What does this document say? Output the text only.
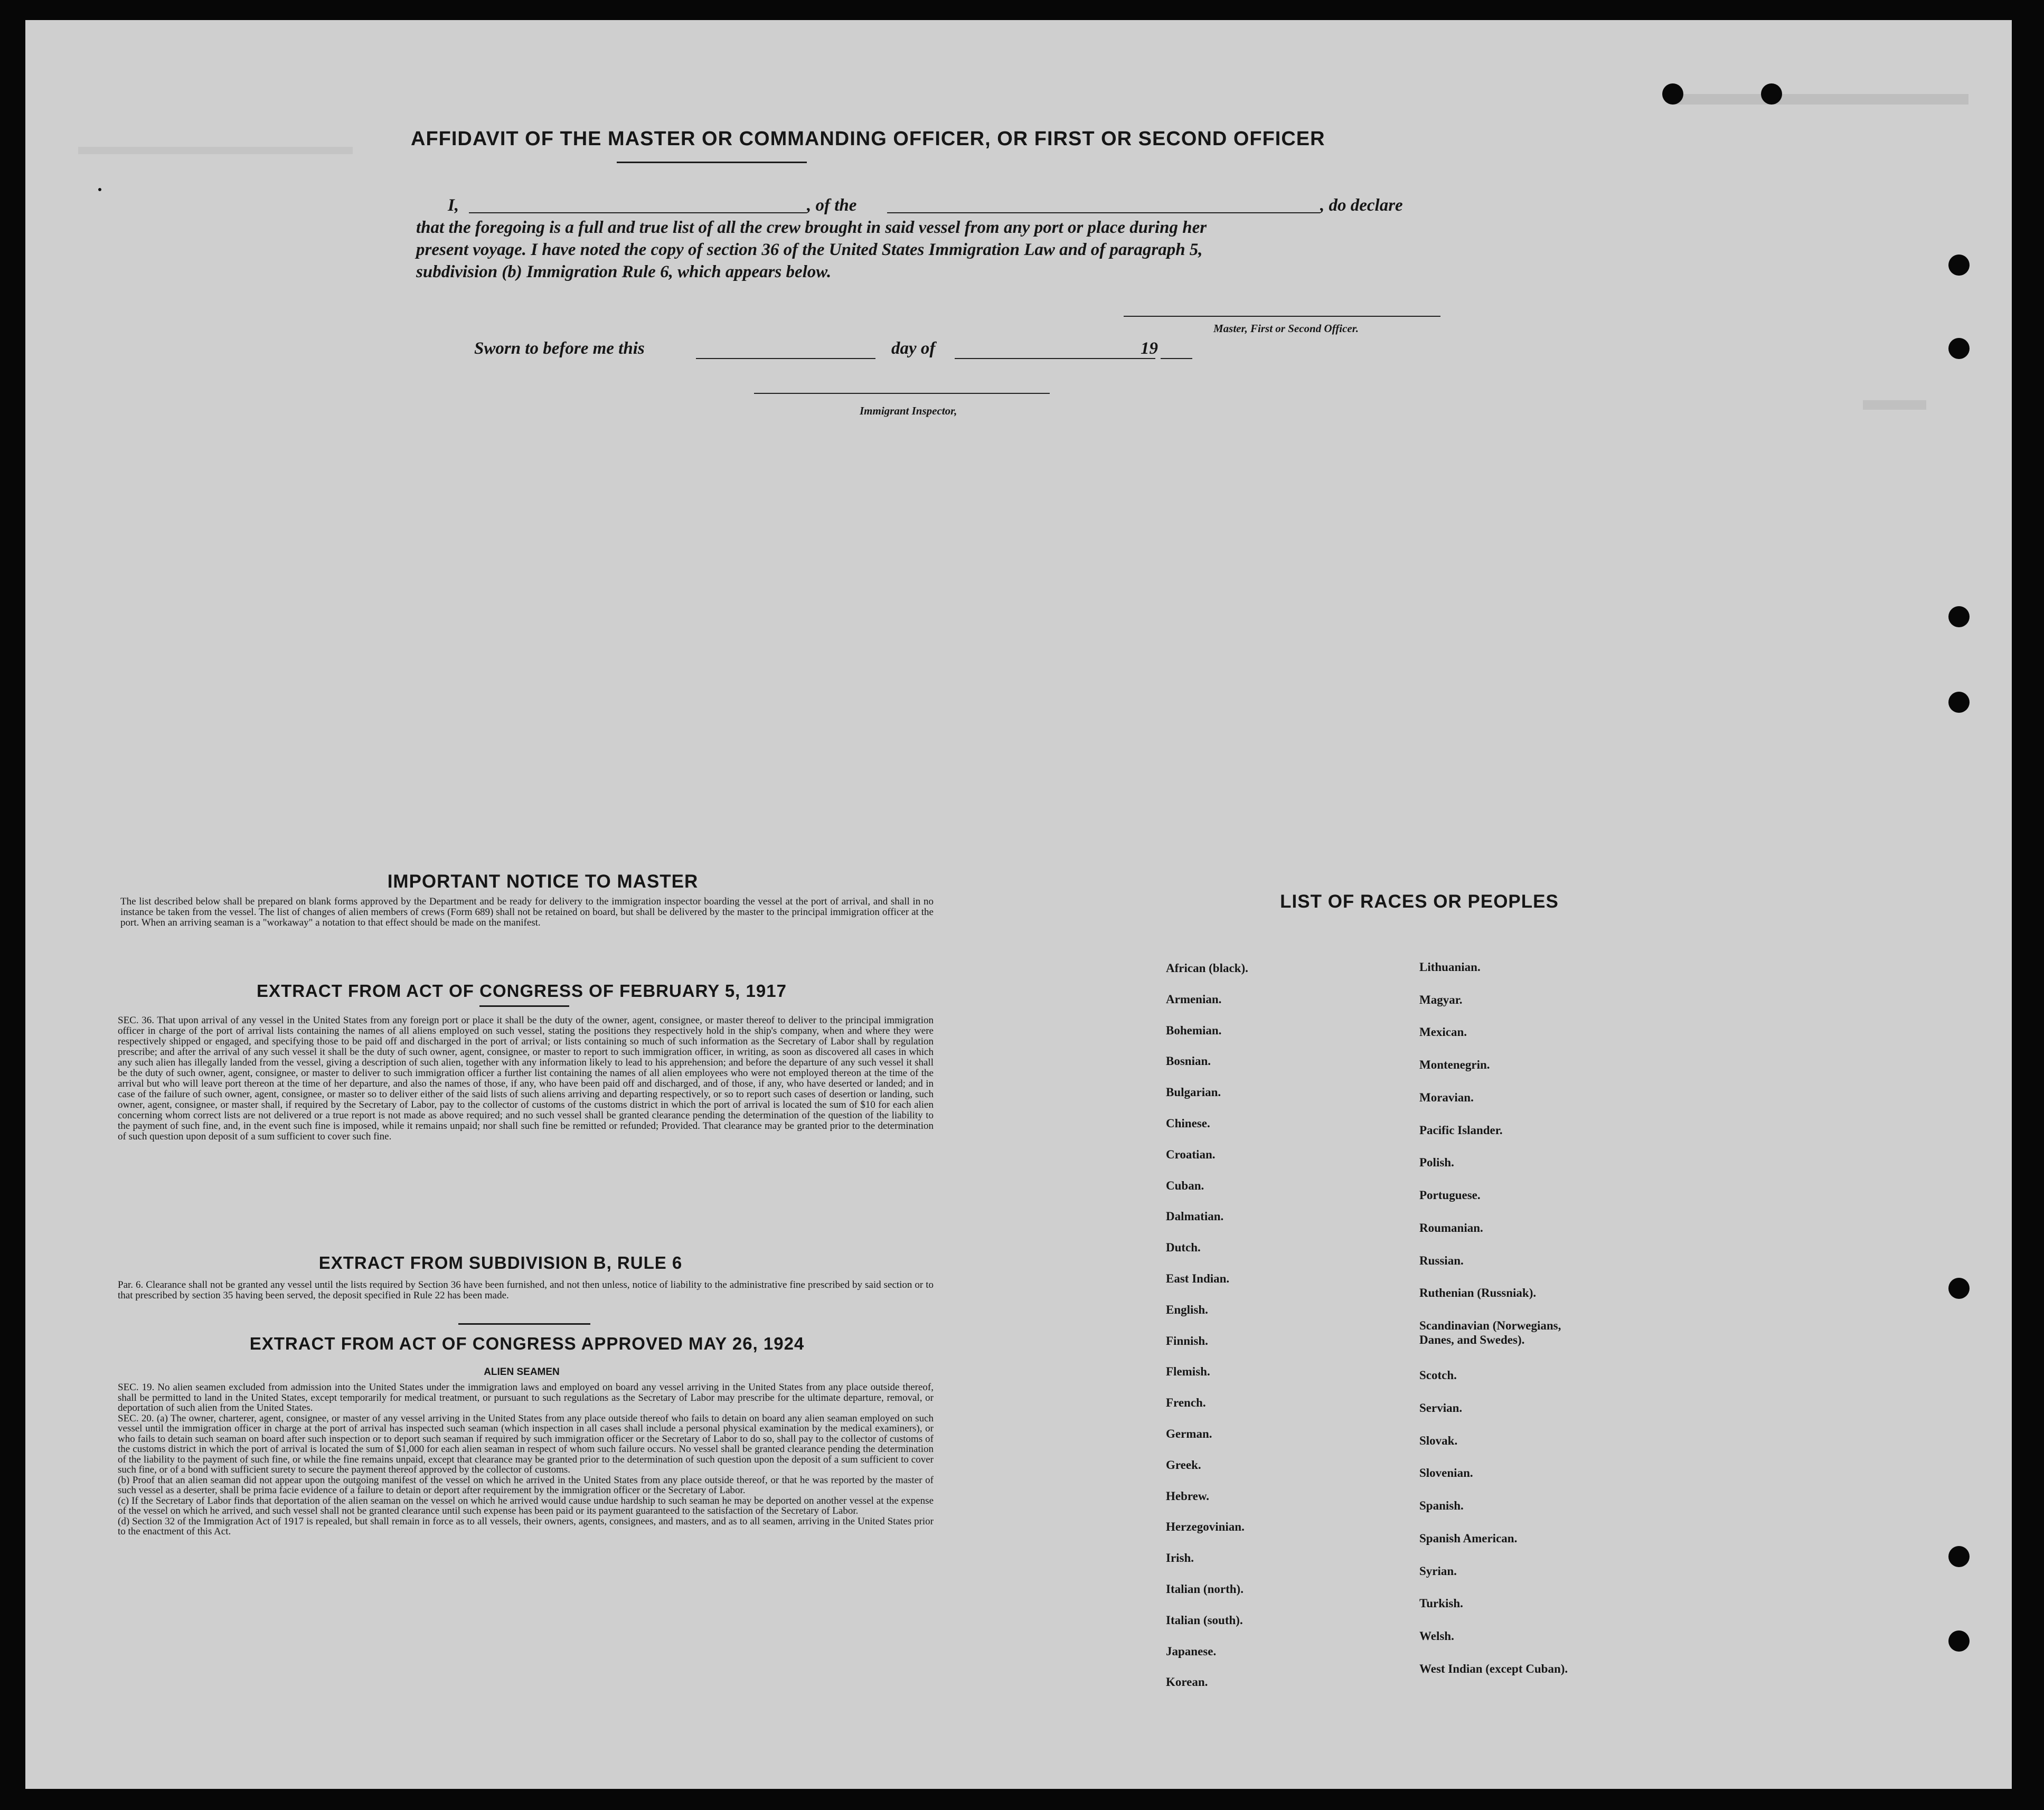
AFFIDAVIT OF THE MASTER OR COMMANDING OFFICER, OR FIRST OR SECOND OFFICER
I,	, of the	, do declare
that the foregoing is a full and true list of all the crew brought in said vessel from any port or place during her
present voyage. I have noted the copy of section 36 of the United States Immigration Law and of paragraph 5,
subdivision (b) Immigration Rule 6, which appears below.
Master, First or Second Officer.
Sworn to before me this	day of	19
Immigrant Inspector,
IMPORTANT NOTICE TO MASTER
The list described below shall be prepared on blank forms approved by the Department and be ready for delivery to the immigration inspector boarding the vessel at the port of arrival, and shall in no instance be taken from the vessel. The list of changes of alien members of crews (Form 689) shall not be retained on board, but shall be delivered by the master to the principal immigration officer at the port. When an arriving seaman is a "workaway" a notation to that effect should be made on the manifest.
EXTRACT FROM ACT OF CONGRESS OF FEBRUARY 5, 1917
SEC. 36. That upon arrival of any vessel in the United States from any foreign port or place it shall be the duty of the owner, agent, consignee, or master thereof to deliver to the principal immigration officer in charge of the port of arrival lists containing the names of all aliens employed on such vessel, stating the positions they respectively hold in the ship's company, when and where they were respectively shipped or engaged, and specifying those to be paid off and discharged in the port of arrival; or lists containing so much of such information as the Secretary of Labor shall by regulation prescribe; and after the arrival of any such vessel it shall be the duty of such owner, agent, consignee, or master to report to such immigration officer, in writing, as soon as discovered all cases in which any such alien has illegally landed from the vessel, giving a description of such alien, together with any information likely to lead to his apprehension; and before the departure of any such vessel it shall be the duty of such owner, agent, consignee, or master to deliver to such immigration officer a further list containing the names of all alien employees who were not employed thereon at the time of the arrival but who will leave port thereon at the time of her departure, and also the names of those, if any, who have been paid off and discharged, and of those, if any, who have deserted or landed; and in case of the failure of such owner, agent, consignee, or master so to deliver either of the said lists of such aliens arriving and departing respectively, or so to report such cases of desertion or landing, such owner, agent, consignee, or master shall, if required by the Secretary of Labor, pay to the collector of customs of the customs district in which the port of arrival is located the sum of $10 for each alien concerning whom correct lists are not delivered or a true report is not made as above required; and no such vessel shall be granted clearance pending the determination of the question of the liability to the payment of such fine, and, in the event such fine is imposed, while it remains unpaid; nor shall such fine be remitted or refunded; Provided. That clearance may be granted prior to the determination of such question upon deposit of a sum sufficient to cover such fine.
EXTRACT FROM SUBDIVISION B, RULE 6
Par. 6. Clearance shall not be granted any vessel until the lists required by Section 36 have been furnished, and not then unless, notice of liability to the administrative fine prescribed by said section or to that prescribed by section 35 having been served, the deposit specified in Rule 22 has been made.
EXTRACT FROM ACT OF CONGRESS APPROVED MAY 26, 1924
ALIEN SEAMEN
SEC. 19. No alien seamen excluded from admission into the United States under the immigration laws and employed on board any vessel arriving in the United States from any place outside thereof, shall be permitted to land in the United States, except temporarily for medical treatment, or pursuant to such regulations as the Secretary of Labor may prescribe for the ultimate departure, removal, or deportation of such alien from the United States.
SEC. 20. (a) The owner, charterer, agent, consignee, or master of any vessel arriving in the United States from any place outside thereof who fails to detain on board any alien seaman employed on such vessel until the immigration officer in charge at the port of arrival has inspected such seaman (which inspection in all cases shall include a personal physical examination by the medical examiners), or who fails to detain such seaman on board after such inspection or to deport such seaman if required by such immigration officer or the Secretary of Labor to do so, shall pay to the collector of customs of the customs district in which the port of arrival is located the sum of $1,000 for each alien seaman in respect of whom such failure occurs. No vessel shall be granted clearance pending the determination of the liability to the payment of such fine, or while the fine remains unpaid, except that clearance may be granted prior to the determination of such question upon the deposit of a sum sufficient to cover such fine, or of a bond with sufficient surety to secure the payment thereof approved by the collector of customs.
(b) Proof that an alien seaman did not appear upon the outgoing manifest of the vessel on which he arrived in the United States from any place outside thereof, or that he was reported by the master of such vessel as a deserter, shall be prima facie evidence of a failure to detain or deport after requirement by the immigration officer or the Secretary of Labor.
(c) If the Secretary of Labor finds that deportation of the alien seaman on the vessel on which he arrived would cause undue hardship to such seaman he may be deported on another vessel at the expense of the vessel on which he arrived, and such vessel shall not be granted clearance until such expense has been paid or its payment guaranteed to the satisfaction of the Secretary of Labor.
(d) Section 32 of the Immigration Act of 1917 is repealed, but shall remain in force as to all vessels, their owners, agents, consignees, and masters, and as to all seamen, arriving in the United States prior to the enactment of this Act.
LIST OF RACES OR PEOPLES
African (black).
Armenian.
Bohemian.
Bosnian.
Bulgarian.
Chinese.
Croatian.
Cuban.
Dalmatian.
Dutch.
East Indian.
English.
Finnish.
Flemish.
French.
German.
Greek.
Hebrew.
Herzegovinian.
Irish.
Italian (north).
Italian (south).
Japanese.
Korean.
Lithuanian.
Magyar.
Mexican.
Montenegrin.
Moravian.
Pacific Islander.
Polish.
Portuguese.
Roumanian.
Russian.
Ruthenian (Russniak).
Scandinavian (Norwegians,
Danes, and Swedes).
Scotch.
Servian.
Slovak.
Slovenian.
Spanish.
Spanish American.
Syrian.
Turkish.
Welsh.
West Indian (except Cuban).
